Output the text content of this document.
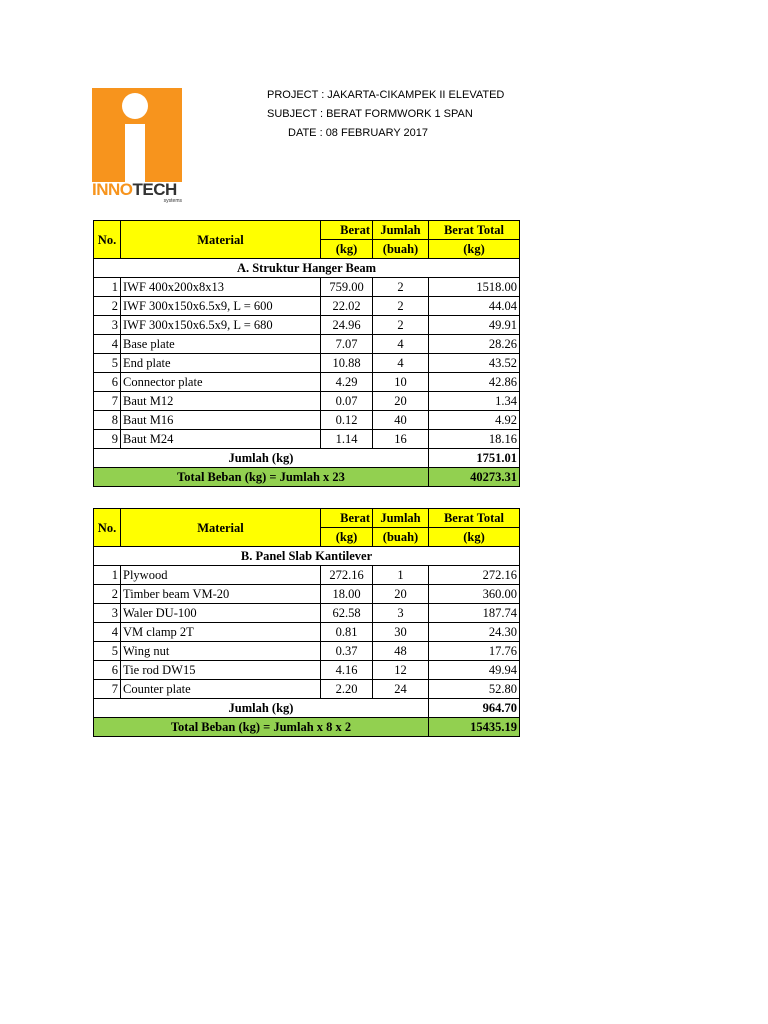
INNOTECH
systems
PROJECT : JAKARTA-CIKAMPEK II ELEVATED
SUBJECT : BERAT FORMWORK 1 SPAN
DATE : 08 FEBRUARY 2017
No.	Material	Berat	Jumlah	Berat Total
		(kg)	(buah)	(kg)
A. Struktur Hanger Beam				
1	IWF 400x200x8x13	759.00	2	1518.00
2	IWF 300x150x6.5x9, L = 600	22.02	2	44.04
3	IWF 300x150x6.5x9, L = 680	24.96	2	49.91
4	Base plate	7.07	4	28.26
5	End plate	10.88	4	43.52
6	Connector plate	4.29	10	42.86
7	Baut M12	0.07	20	1.34
8	Baut M16	0.12	40	4.92
9	Baut M24	1.14	16	18.16
Jumlah (kg)				1751.01
Total Beban (kg) = Jumlah x 23				40273.31
No.	Material	Berat	Jumlah	Berat Total
		(kg)	(buah)	(kg)
B. Panel Slab Kantilever				
1	Plywood	272.16	1	272.16
2	Timber beam VM-20	18.00	20	360.00
3	Waler DU-100	62.58	3	187.74
4	VM clamp 2T	0.81	30	24.30
5	Wing nut	0.37	48	17.76
6	Tie rod DW15	4.16	12	49.94
7	Counter plate	2.20	24	52.80
Jumlah (kg)				964.70
Total Beban (kg) = Jumlah x 8 x 2				15435.19
